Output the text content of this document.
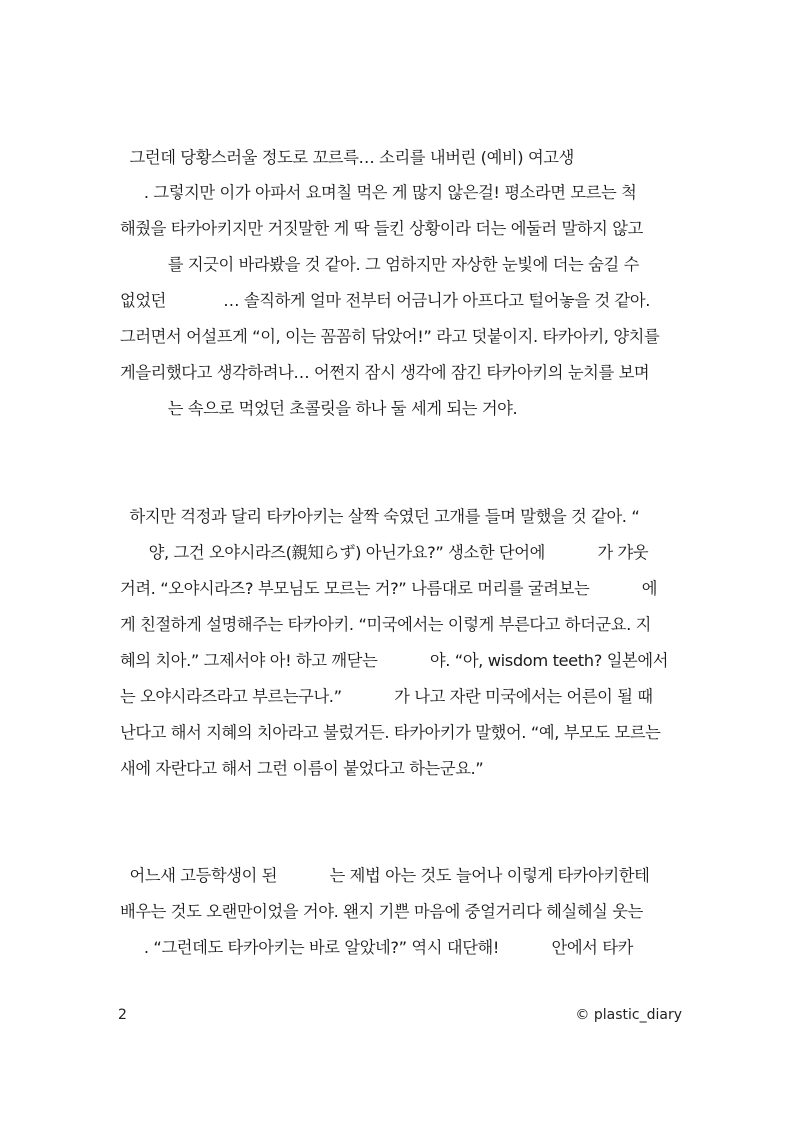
그런데 당황스러울 정도로 꼬르륵… 소리를 내버린 (예비) 여고생
. 그렇지만 이가 아파서 요며칠 먹은 게 많지 않은걸! 평소라면 모르는 척
해줬을 타카아키지만 거짓말한 게 딱 들킨 상황이라 더는 에둘러 말하지 않고
를 지긋이 바라봤을 것 같아. 그 엄하지만 자상한 눈빛에 더는 숨길 수
없었던            … 솔직하게 얼마 전부터 어금니가 아프다고 털어놓을 것 같아.
그러면서 어설프게 “이, 이는 꼼꼼히 닦았어!” 라고 덧붙이지. 타카아키, 양치를
게을리했다고 생각하려나… 어쩐지 잠시 생각에 잠긴 타카아키의 눈치를 보며
는 속으로 먹었던 초콜릿을 하나 둘 세게 되는 거야.
하지만 걱정과 달리 타카아키는 살짝 숙였던 고개를 들며 말했을 것 같아. “
양, 그건 오야시라즈(親知らず) 아닌가요?” 생소한 단어에           가 갸웃
거려. “오야시라즈? 부모님도 모르는 거?” 나름대로 머리를 굴려보는           에
게 친절하게 설명해주는 타카아키. “미국에서는 이렇게 부른다고 하더군요. 지
혜의 치아.” 그제서야 아! 하고 깨닫는           야. “아, wisdom teeth? 일본에서
는 오야시라즈라고 부르는구나.”           가 나고 자란 미국에서는 어른이 될 때
난다고 해서 지혜의 치아라고 불렀거든. 타카아키가 말했어. “예, 부모도 모르는
새에 자란다고 해서 그런 이름이 붙었다고 하는군요.”
어느새 고등학생이 된           는 제법 아는 것도 늘어나 이렇게 타카아키한테
배우는 것도 오랜만이었을 거야. 왠지 기쁜 마음에 중얼거리다 헤실헤실 웃는
. “그런데도 타카아키는 바로 알았네?” 역시 대단해!           안에서 타카
2	© plastic_diary
